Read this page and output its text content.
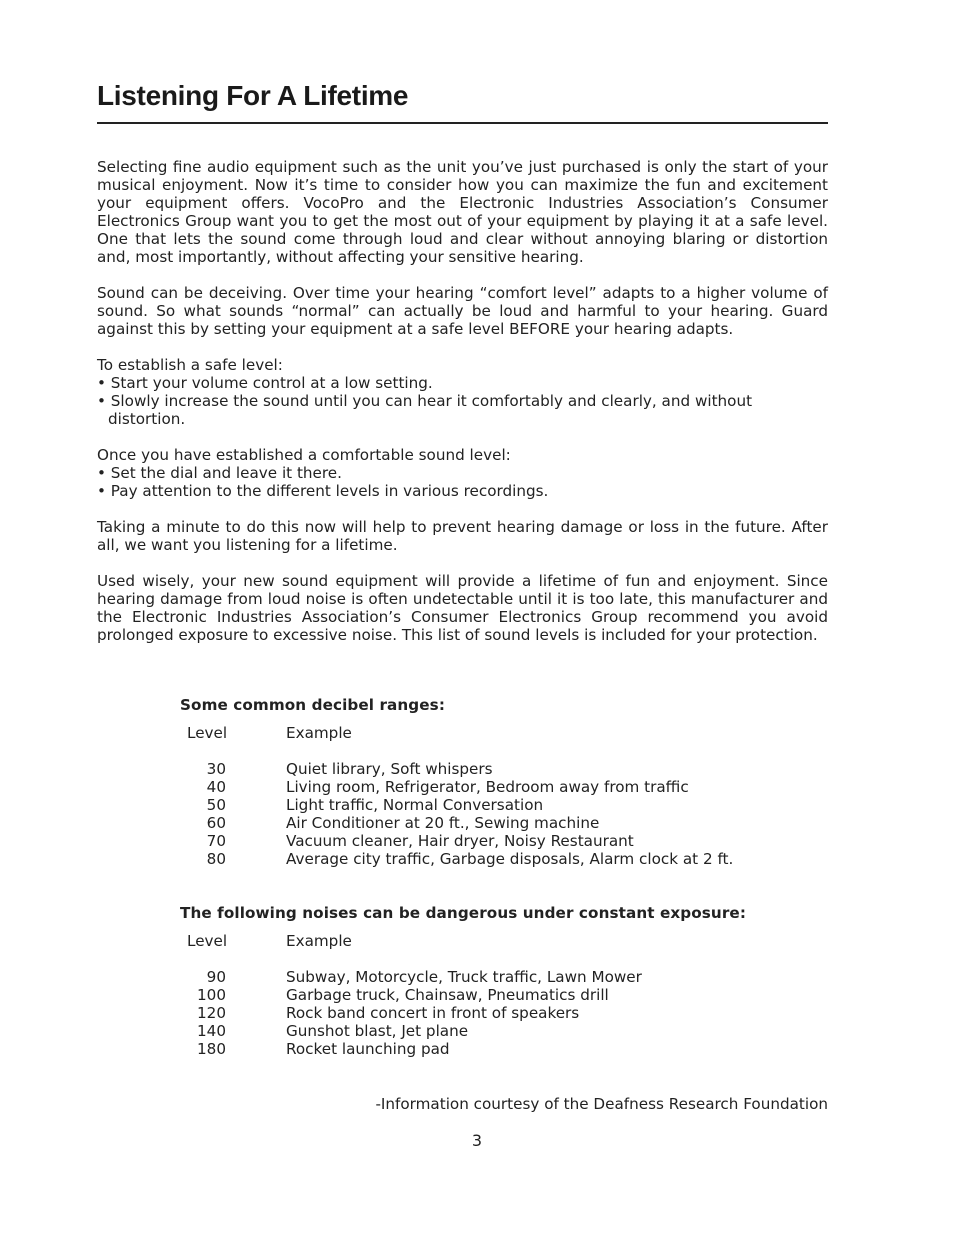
Listening For A Lifetime

Selecting fine audio equipment such as the unit you’ve just purchased is only the start of your musical enjoyment. Now it’s time to consider how you can maximize the fun and excitement your equipment offers. VocoPro and the Electronic Industries Association’s Consumer Electronics Group want you to get the most out of your equipment by playing it at a safe level. One that lets the sound come through loud and clear without annoying blaring or distortion and, most importantly, without affecting your sensitive hearing.

Sound can be deceiving. Over time your hearing “comfort level” adapts to a higher volume of sound. So what sounds “normal” can actually be loud and harmful to your hearing. Guard against this by setting your equipment at a safe level BEFORE your hearing adapts.

To establish a safe level:

• Start your volume control at a low setting.

• Slowly increase the sound until you can hear it comfortably and clearly, and without distortion.

Once you have established a comfortable sound level:

• Set the dial and leave it there.

• Pay attention to the different levels in various recordings.

Taking a minute to do this now will help to prevent hearing damage or loss in the future. After all, we want you listening for a lifetime.

Used wisely, your new sound equipment will provide a lifetime of fun and enjoyment. Since hearing damage from loud noise is often undetectable until it is too late, this manufacturer and the Electronic Industries Association’s Consumer Electronics Group recommend you avoid prolonged exposure to excessive noise. This list of sound levels is included for your protection.

Some common decibel ranges:
Level	Example
30	Quiet library, Soft whispers
40	Living room, Refrigerator, Bedroom away from traffic
50	Light traffic, Normal Conversation
60	Air Conditioner at 20 ft., Sewing machine
70	Vacuum cleaner, Hair dryer, Noisy Restaurant
80	Average city traffic, Garbage disposals, Alarm clock at 2 ft.
The following noises can be dangerous under constant exposure:
Level	Example
90	Subway, Motorcycle, Truck traffic, Lawn Mower
100	Garbage truck, Chainsaw, Pneumatics drill
120	Rock band concert in front of speakers
140	Gunshot blast, Jet plane
180	Rocket launching pad
-Information courtesy of the Deafness Research Foundation
3
